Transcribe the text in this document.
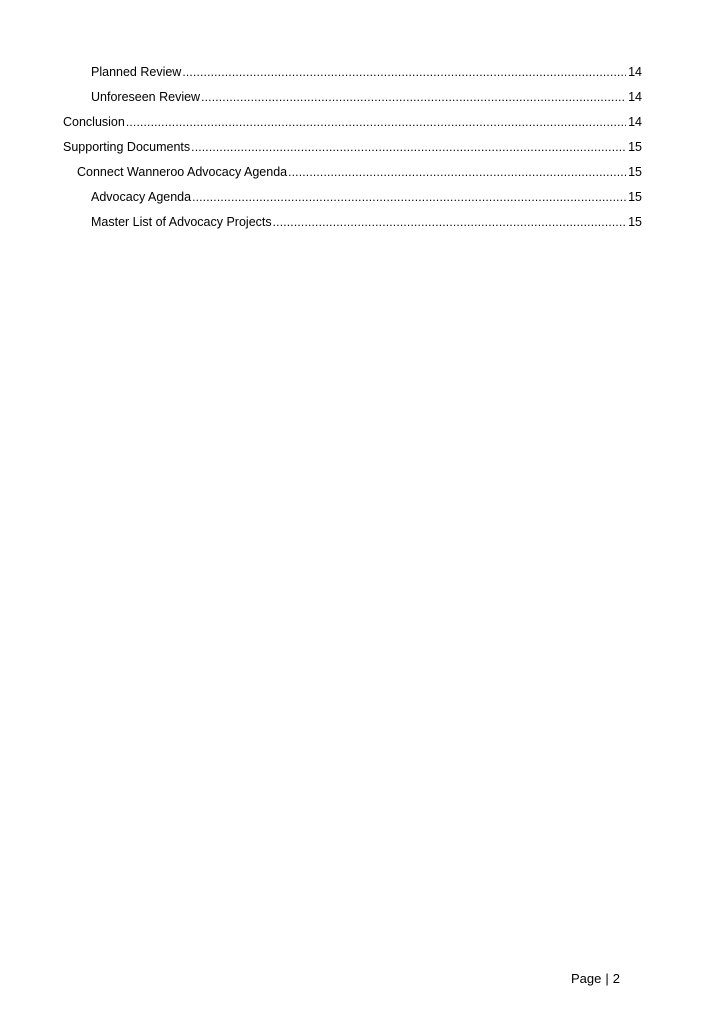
Planned Review .....	14
Unforeseen Review .....	14
Conclusion .....	14
Supporting Documents .....	15
Connect Wanneroo Advocacy Agenda .....	15
Advocacy Agenda .....	15
Master List of Advocacy Projects .....	15
Page | 2
